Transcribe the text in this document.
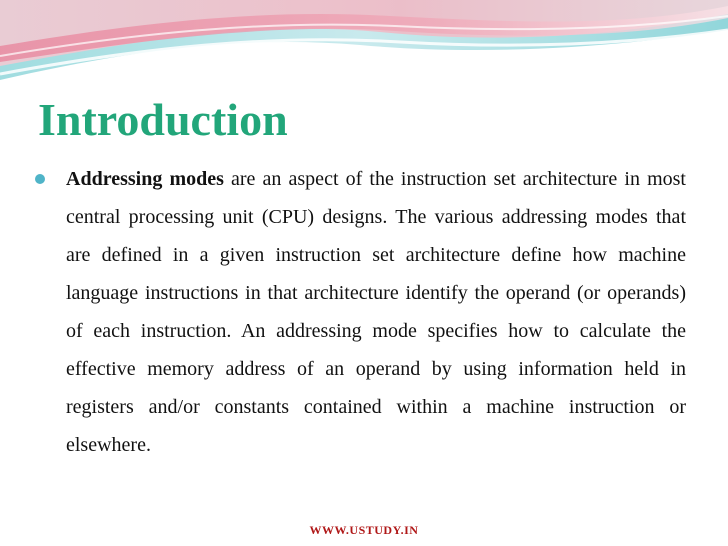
Introduction
Addressing modes are an aspect of the instruction set architecture in most central processing unit (CPU) designs. The various addressing modes that are defined in a given instruction set architecture define how machine language instructions in that architecture identify the operand (or operands) of each instruction. An addressing mode specifies how to calculate the effective memory address of an operand by using information held in registers and/or constants contained within a machine instruction or elsewhere.
WWW.USTUDY.IN
